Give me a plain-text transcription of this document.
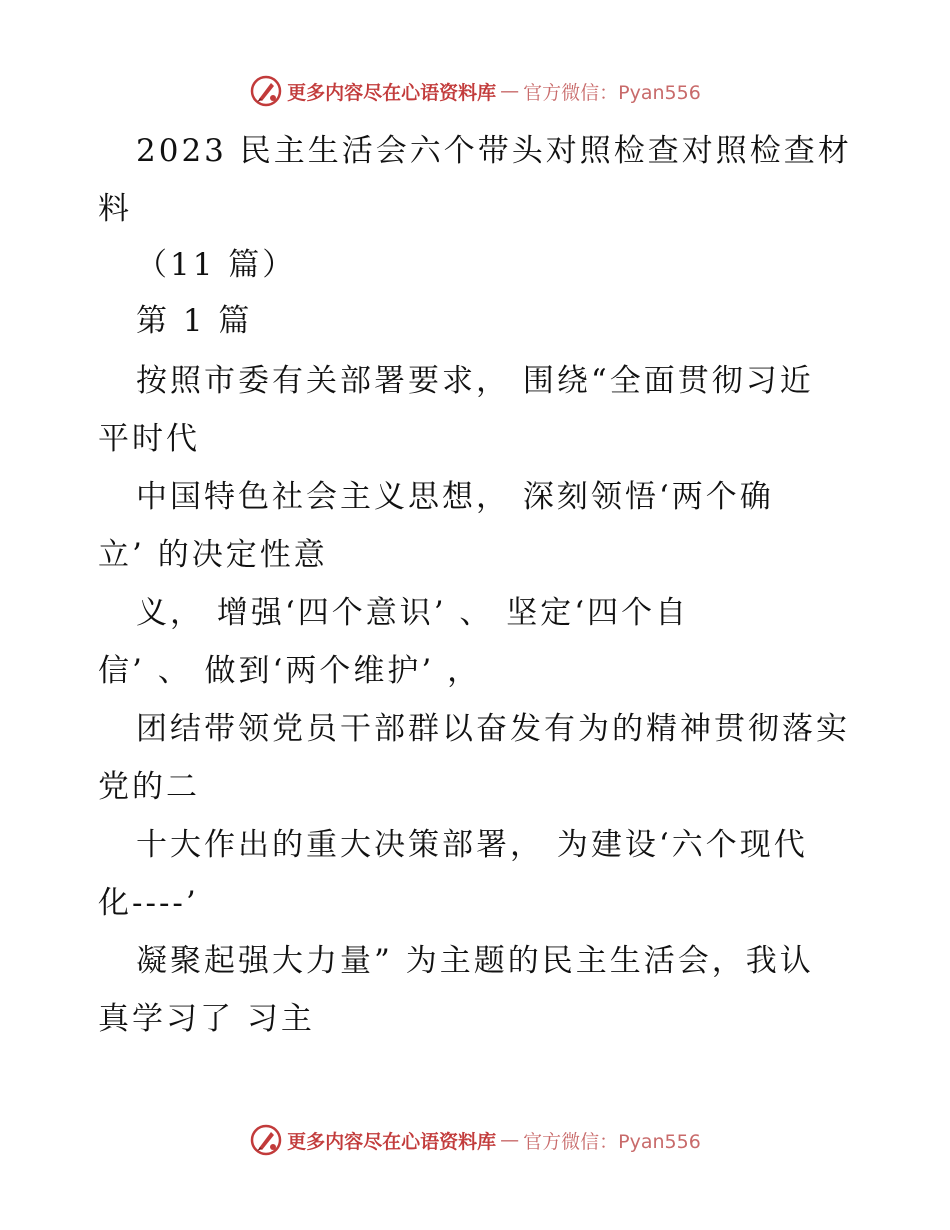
更多内容尽在心语资料库 — 官方微信：Pyan556
2023 民主生活会六个带头对照检查对照检查材
料
（11 篇）
第 1 篇
按照市委有关部署要求， 围绕“全面贯彻习近
平时代
中国特色社会主义思想， 深刻领悟‘两个确
立’ 的决定性意
义， 增强‘四个意识’ 、 坚定‘四个自
信’ 、 做到‘两个维护’ ，
团结带领党员干部群以奋发有为的精神贯彻落实
党的二
十大作出的重大决策部署， 为建设‘六个现代
化----’
凝聚起强大力量” 为主题的民主生活会，我认
真学习了 习主
更多内容尽在心语资料库 — 官方微信：Pyan556
